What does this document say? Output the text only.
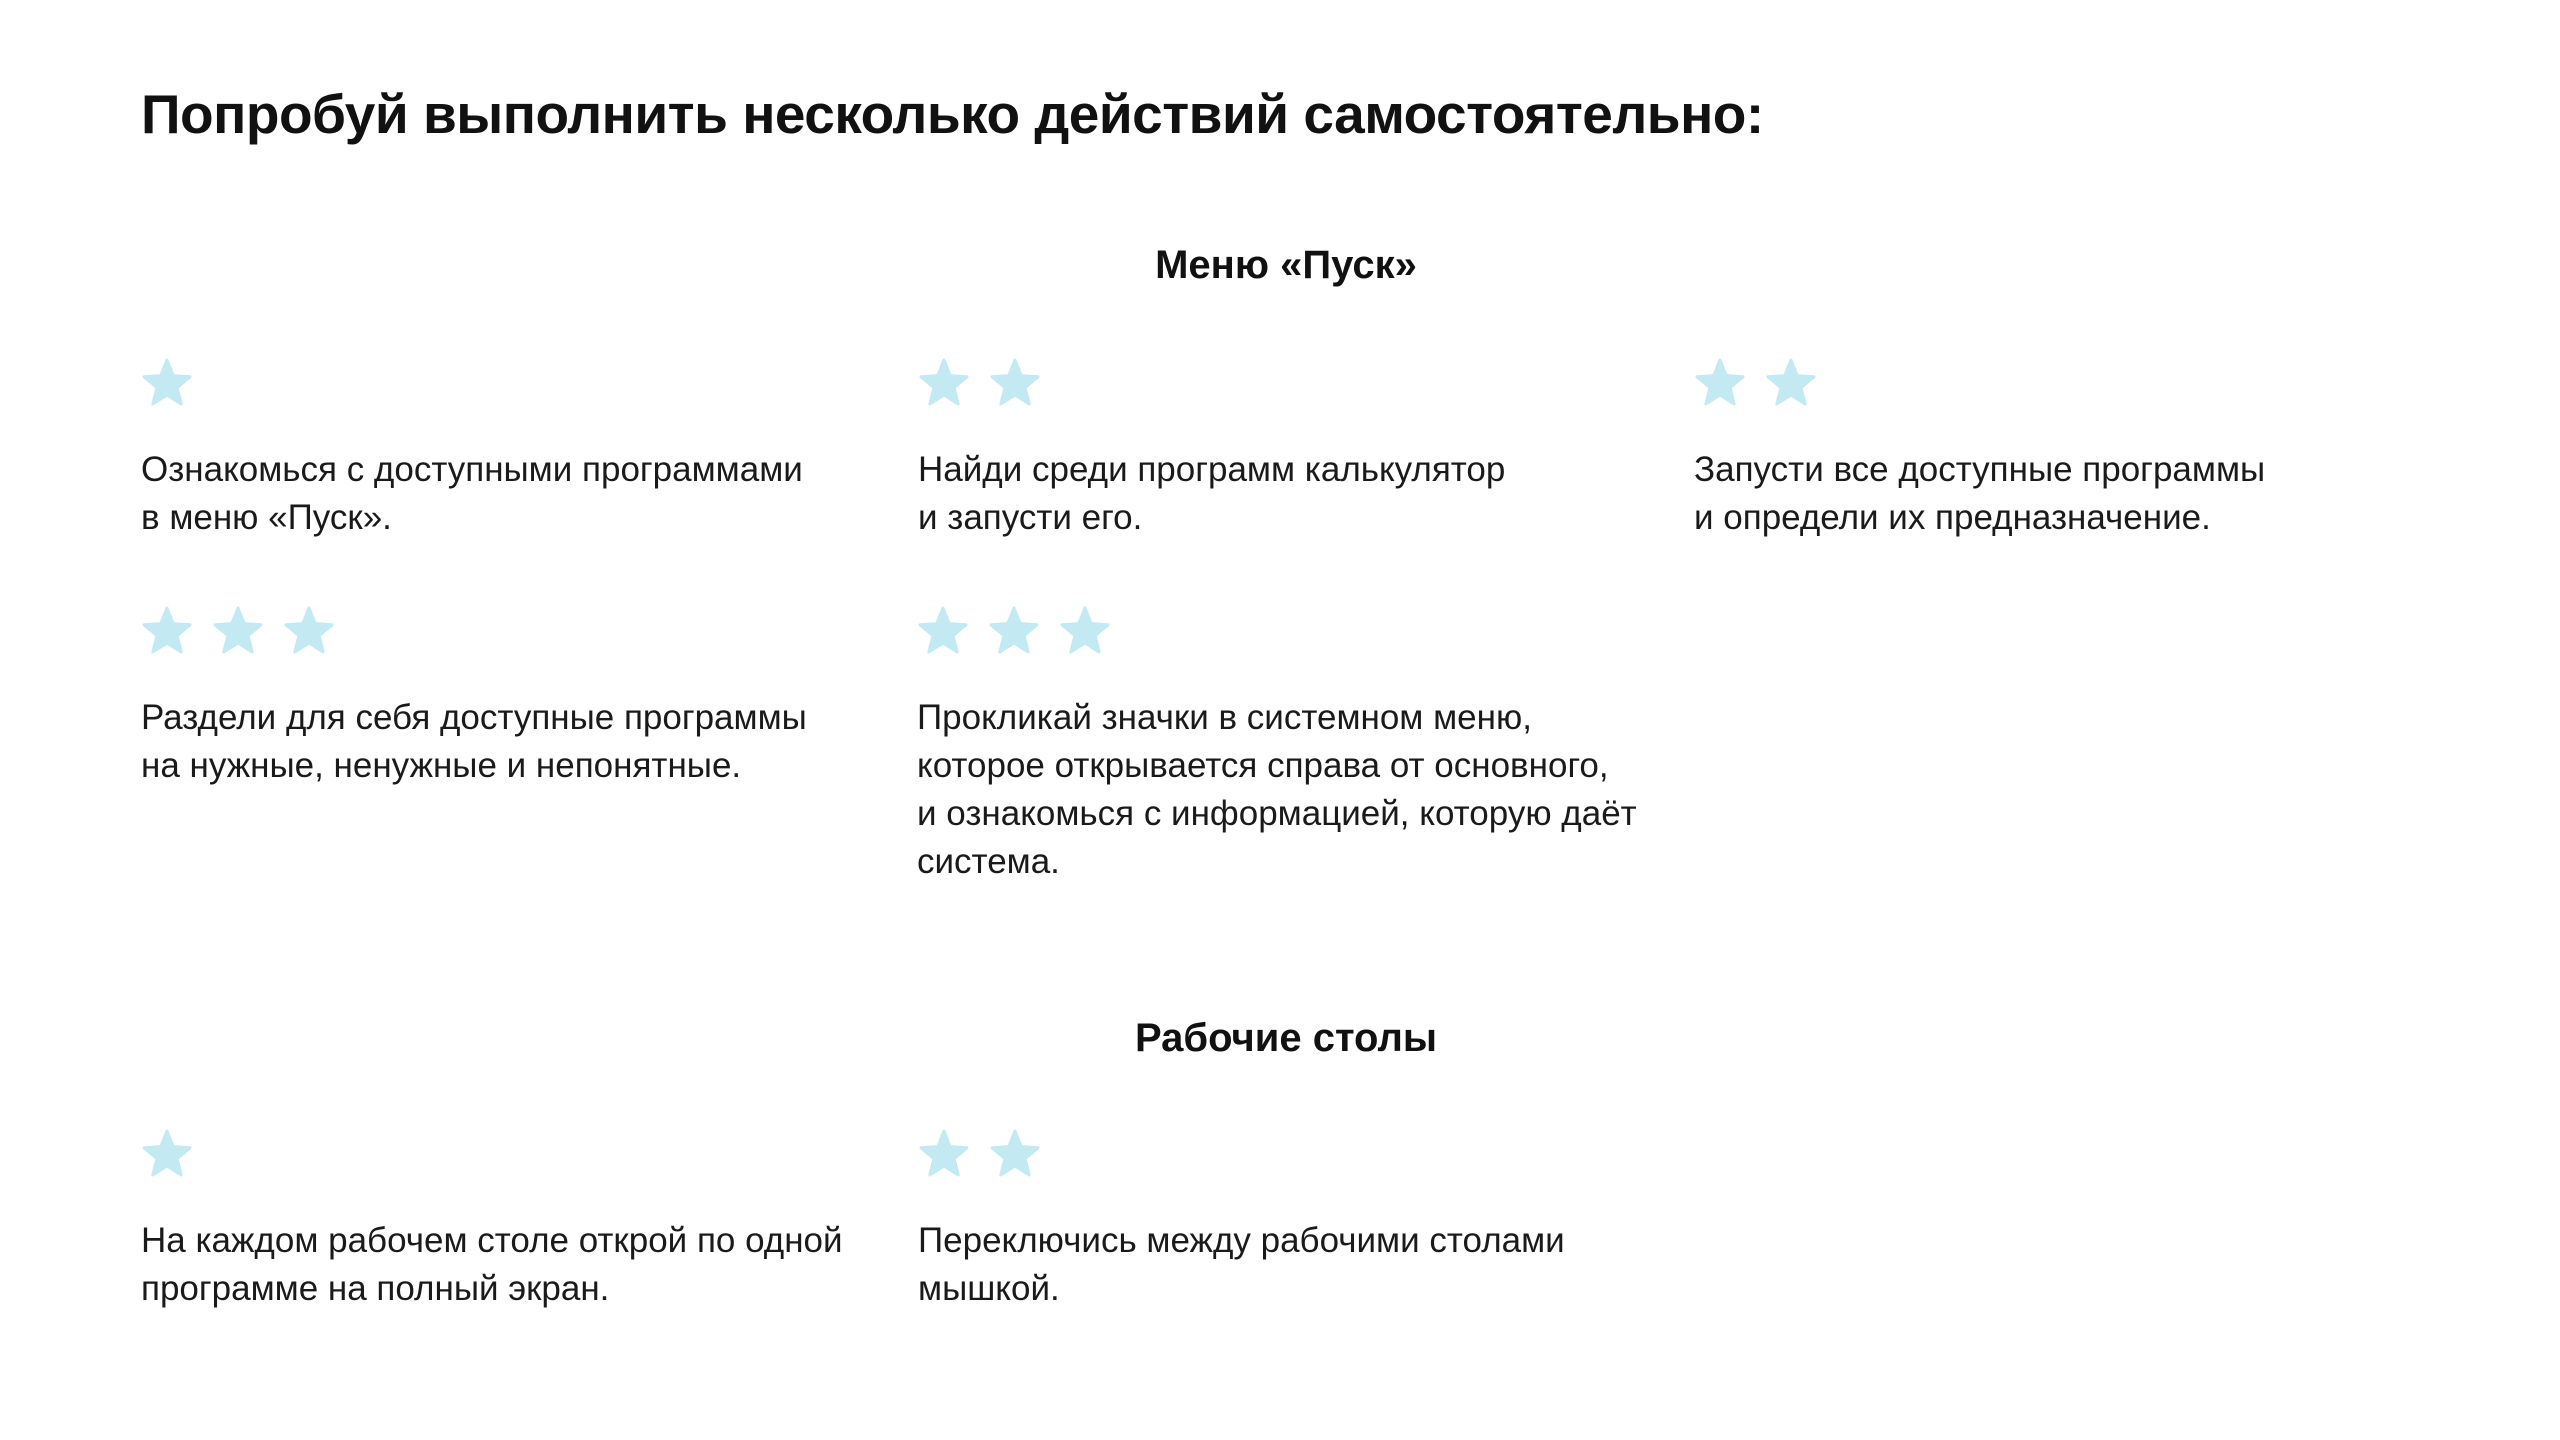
Попробуй выполнить несколько действий самостоятельно:
Меню «Пуск»
Ознакомься с доступными программами
в меню «Пуск».
Найди среди программ калькулятор
и запусти его.
Запусти все доступные программы
и определи их предназначение.
Раздели для себя доступные программы
на нужные, ненужные и непонятные.
Прокликай значки в системном меню,
которое открывается справа от основного,
и ознакомься с информацией, которую даёт
система.
Рабочие столы
На каждом рабочем столе открой по одной
программе на полный экран.
Переключись между рабочими столами
мышкой.
